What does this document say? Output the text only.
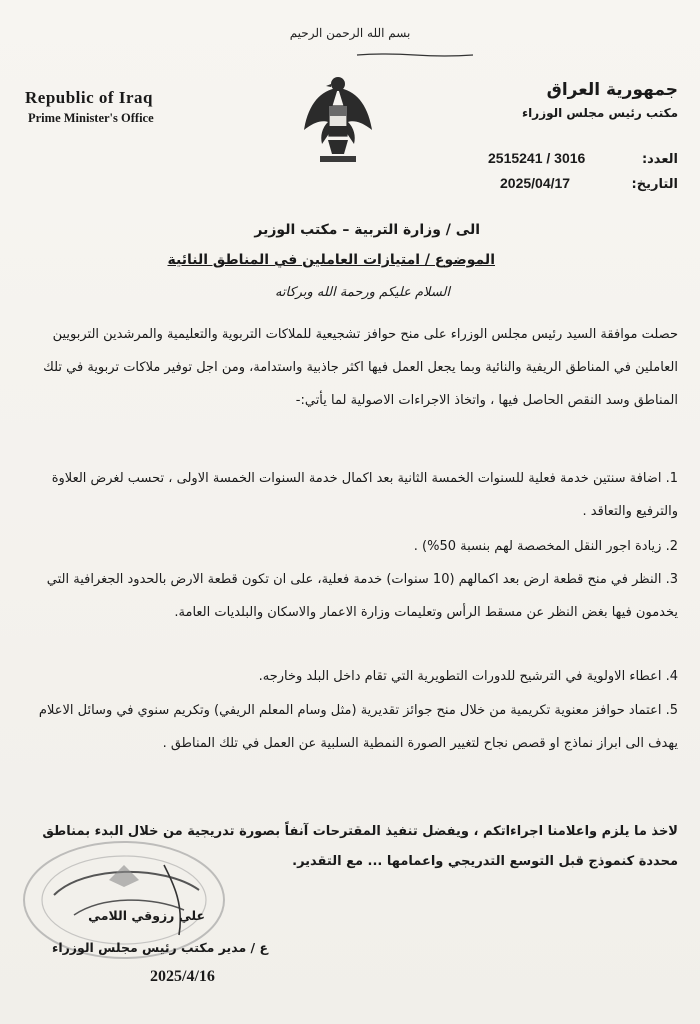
بسم الله الرحمن الرحيم
Republic of Iraq
Prime Minister's Office
جمهورية العراق
مكتب رئيس مجلس الوزراء
العدد:
2515241 / 3016
التاريخ:
2025/04/17
الى / وزارة التربية – مكتب الوزير
الموضوع / امتيازات العاملين في المناطق النائية
السلام عليكم ورحمة الله وبركاته
حصلت موافقة السيد رئيس مجلس الوزراء على منح حوافز تشجيعية للملاكات التربوية والتعليمية والمرشدين التربويين العاملين في المناطق الريفية والنائية وبما يجعل العمل فيها اكثر جاذبية واستدامة، ومن اجل توفير ملاكات تربوية في تلك المناطق وسد النقص الحاصل فيها ، واتخاذ الاجراءات الاصولية لما يأتي:-
1. اضافة سنتين خدمة فعلية للسنوات الخمسة الثانية بعد اكمال خدمة السنوات الخمسة الاولى ، تحسب لغرض العلاوة والترفيع والتعاقد .
2. زيادة اجور النقل المخصصة لهم بنسبة 50%) .
3. النظر في منح قطعة ارض بعد اكمالهم (10 سنوات) خدمة فعلية، على ان تكون قطعة الارض بالحدود الجغرافية التي يخدمون فيها بغض النظر عن مسقط الرأس وتعليمات وزارة الاعمار والاسكان والبلديات العامة.
4. اعطاء الاولوية في الترشيح للدورات التطويرية التي تقام داخل البلد وخارجه.
5. اعتماد حوافز معنوية تكريمية من خلال منح جوائز تقديرية (مثل وسام المعلم الريفي) وتكريم سنوي في وسائل الاعلام يهدف الى ابراز نماذج او قصص نجاح لتغيير الصورة النمطية السلبية عن العمل في تلك المناطق .
لاخذ ما يلزم واعلامنا اجراءاتكم ، ويفضل تنفيذ المقترحات آنفاً بصورة تدريجية من خلال البدء بمناطق محددة كنموذج قبل التوسع التدريجي واعمامها ... مع التقدير.
علي رزوقي اللامي
ع / مدير مكتب رئيس مجلس الوزراء
2025/4/16
